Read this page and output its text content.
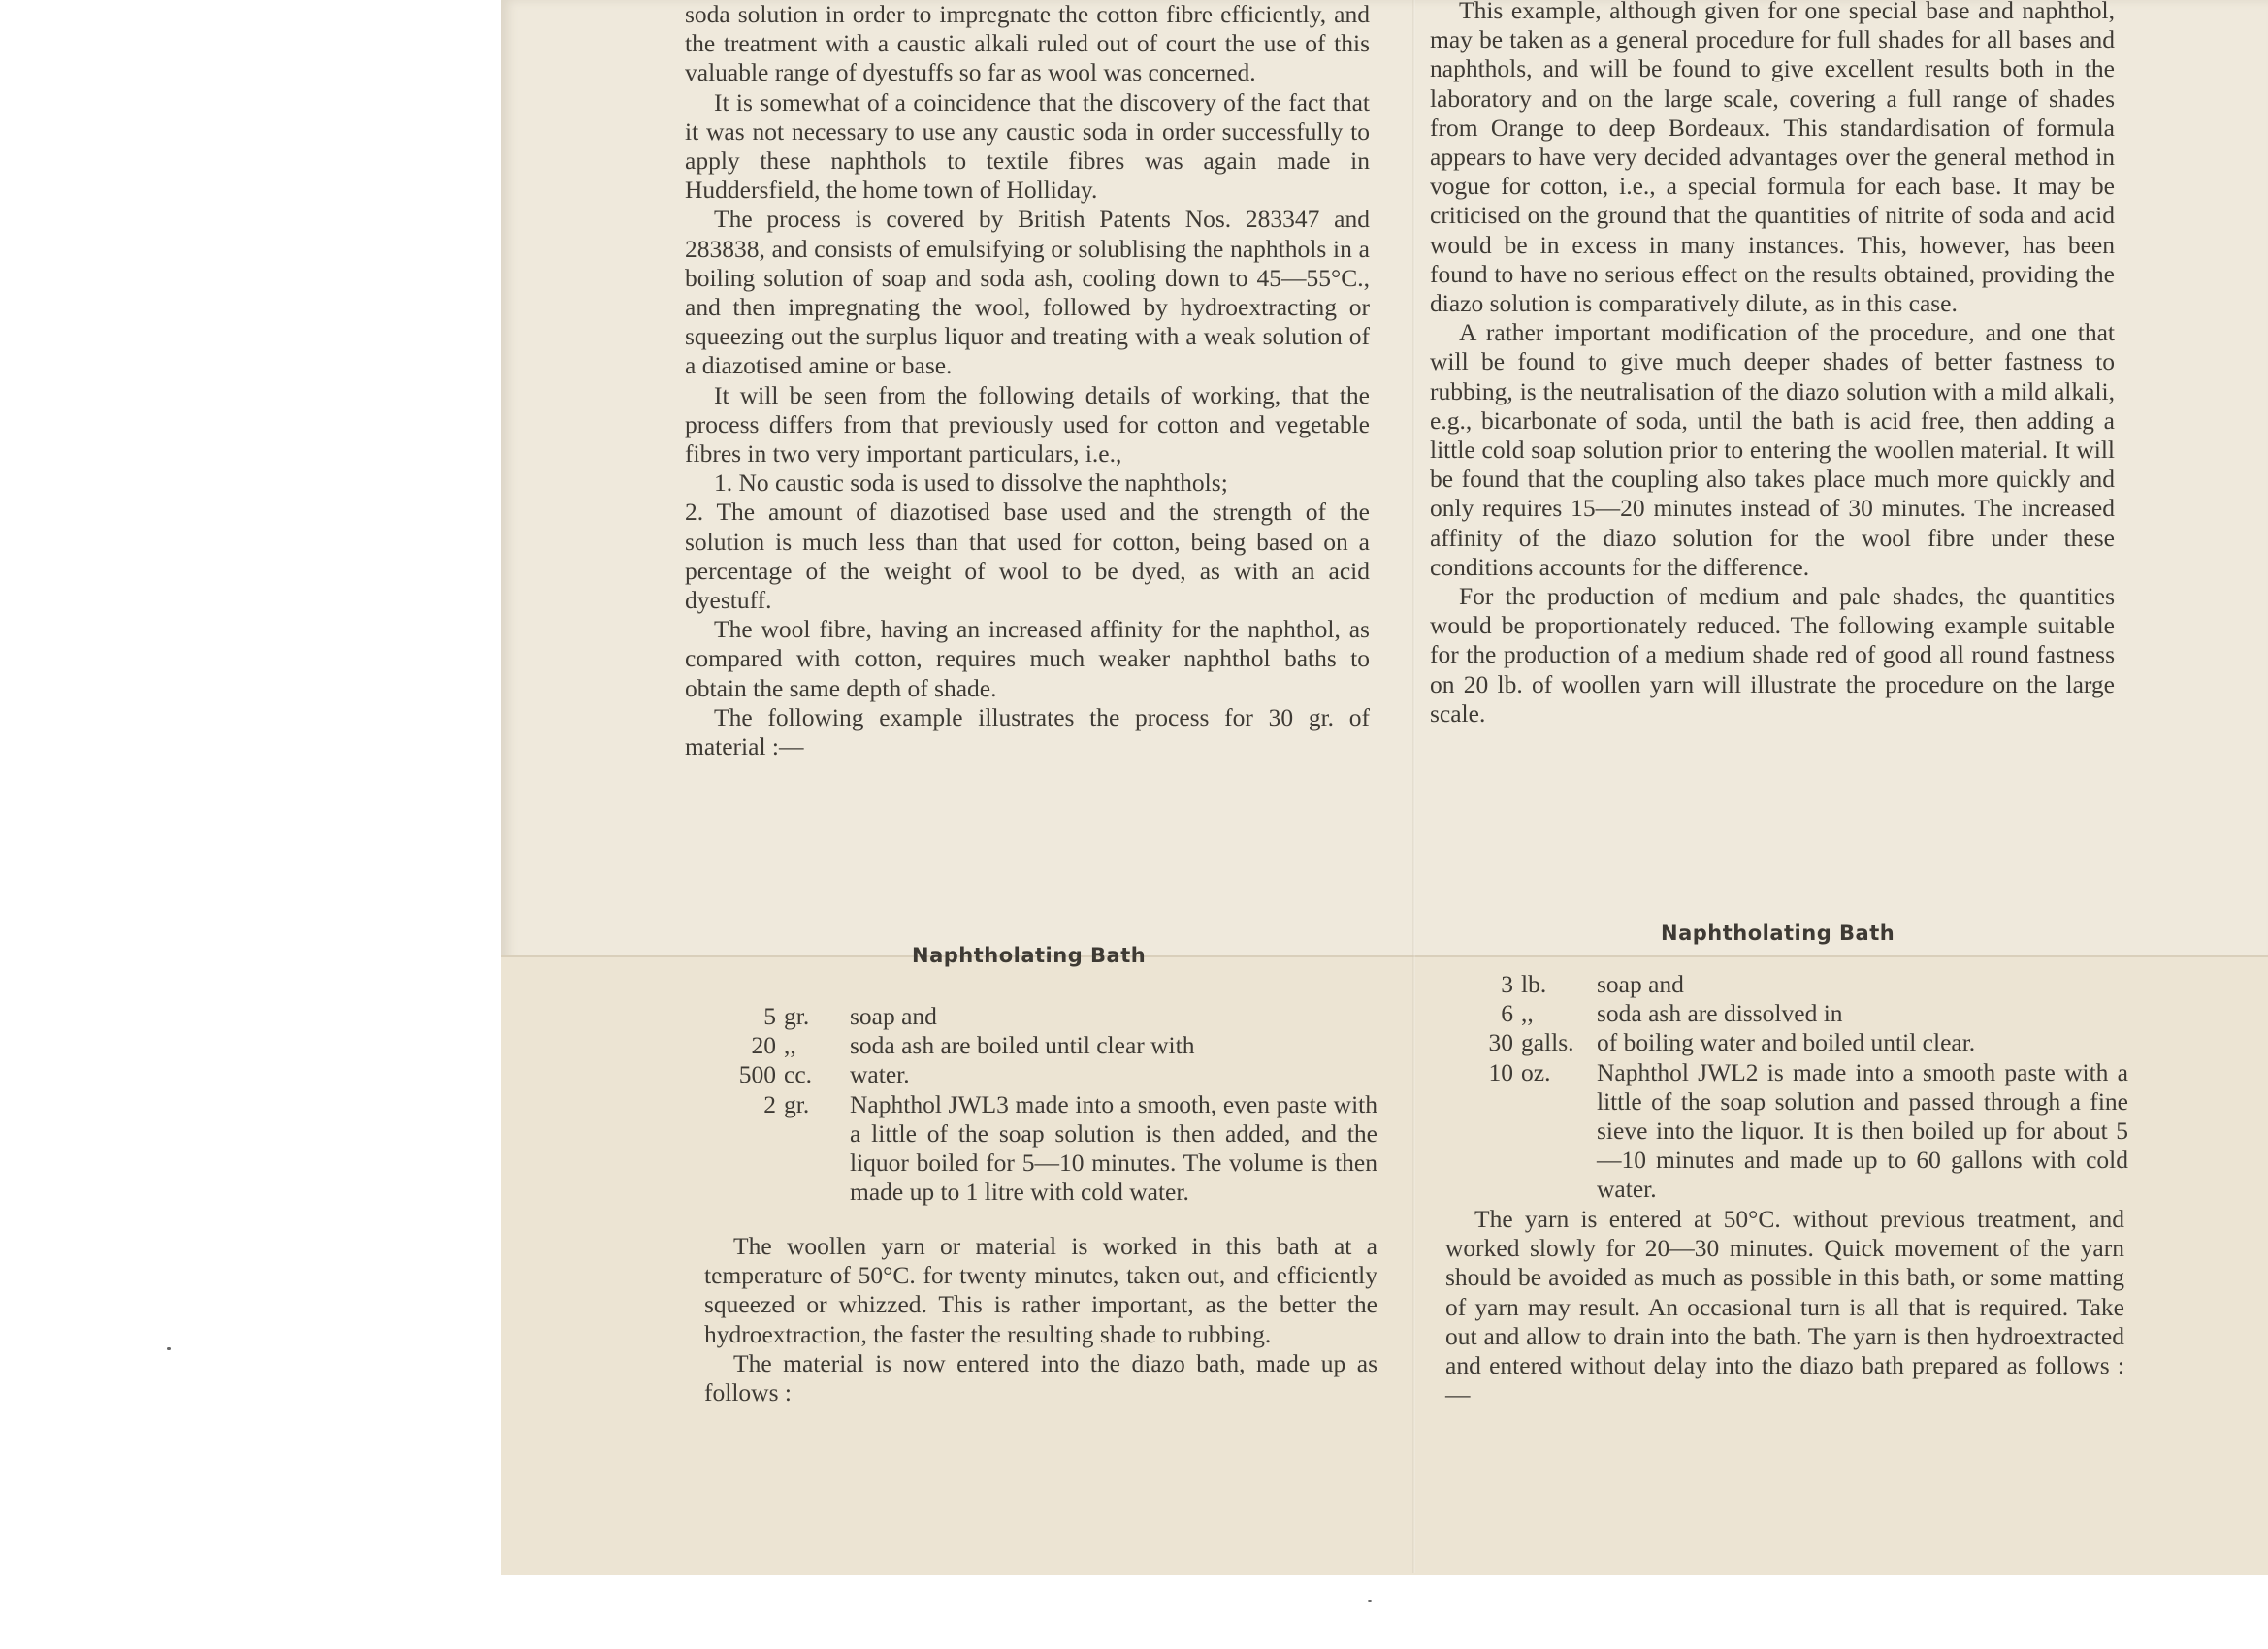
soda solution in order to impregnate the cotton fibre efficiently, and the treatment with a caustic alkali ruled out of court the use of this valuable range of dyestuffs so far as wool was concerned.

It is somewhat of a coincidence that the discovery of the fact that it was not necessary to use any caustic soda in order successfully to apply these naphthols to textile fibres was again made in Huddersfield, the home town of Holliday.

The process is covered by British Patents Nos. 283347 and 283838, and consists of emulsifying or solublising the naphthols in a boiling solution of soap and soda ash, cooling down to 45—55°C., and then impregnating the wool, followed by hydroextracting or squeezing out the surplus liquor and treating with a weak solution of a diazotised amine or base.

It will be seen from the following details of working, that the process differs from that previously used for cotton and vegetable fibres in two very important particulars, i.e.,

1. No caustic soda is used to dissolve the naphthols;

2. The amount of diazotised base used and the strength of the solution is much less than that used for cotton, being based on a percentage of the weight of wool to be dyed, as with an acid dyestuff.

The wool fibre, having an increased affinity for the naphthol, as compared with cotton, requires much weaker naphthol baths to obtain the same depth of shade.

The following example illustrates the process for 30 gr. of material :—

This example, although given for one special base and naphthol, may be taken as a general procedure for full shades for all bases and naphthols, and will be found to give excellent results both in the laboratory and on the large scale, covering a full range of shades from Orange to deep Bordeaux. This standardisation of formula appears to have very decided advantages over the general method in vogue for cotton, i.e., a special formula for each base. It may be criticised on the ground that the quantities of nitrite of soda and acid would be in excess in many instances. This, however, has been found to have no serious effect on the results obtained, providing the diazo solution is comparatively dilute, as in this case.

A rather important modification of the procedure, and one that will be found to give much deeper shades of better fastness to rubbing, is the neutralisation of the diazo solution with a mild alkali, e.g., bicarbonate of soda, until the bath is acid free, then adding a little cold soap solution prior to entering the woollen material. It will be found that the coupling also takes place much more quickly and only requires 15—20 minutes instead of 30 minutes. The increased affinity of the diazo solution for the wool fibre under these conditions accounts for the difference.

For the production of medium and pale shades, the quantities would be proportionately reduced. The following example suitable for the production of a medium shade red of good all round fastness on 20 lb. of woollen yarn will illustrate the procedure on the large scale.

Naphtholating Bath
Naphtholating Bath
5 gr.	soap and
20 ,,	soda ash are boiled until clear with
500 cc.	water.
2 gr.	Naphthol JWL3 made into a smooth, even paste with a little of the soap solution is then added, and the liquor boiled for 5—10 minutes. The volume is then made up to 1 litre with cold water.
3 lb.	soap and
6 ,,	soda ash are dissolved in
30 galls. of boiling water and boiled until clear.
10 oz.	Naphthol JWL2 is made into a smooth paste with a little of the soap solution and passed through a fine sieve into the liquor. It is then boiled up for about 5—10 minutes and made up to 60 gallons with cold water.

The woollen yarn or material is worked in this bath at a temperature of 50°C. for twenty minutes, taken out, and efficiently squeezed or whizzed. This is rather important, as the better the hydroextraction, the faster the resulting shade to rubbing.

The material is now entered into the diazo bath, made up as follows :

The yarn is entered at 50°C. without previous treatment, and worked slowly for 20—30 minutes. Quick movement of the yarn should be avoided as much as possible in this bath, or some matting of yarn may result. An occasional turn is all that is required. Take out and allow to drain into the bath. The yarn is then hydroextracted and entered without delay into the diazo bath prepared as follows :—
